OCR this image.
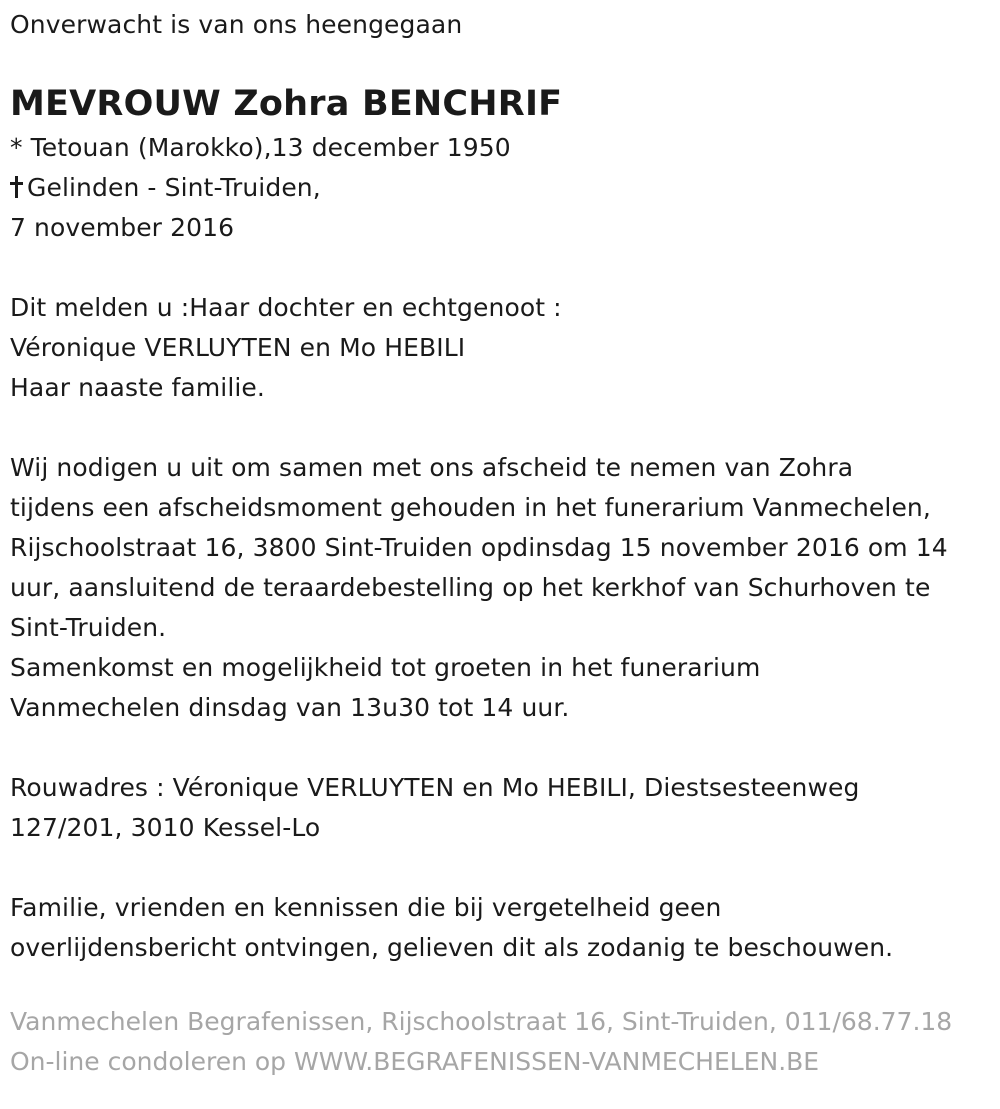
Onverwacht is van ons heengegaan
MEVROUW Zohra BENCHRIF
* Tetouan (Marokko),13 december 1950
Gelinden - Sint-Truiden,
7 november 2016
Dit melden u :Haar dochter en echtgenoot :
Véronique VERLUYTEN en Mo HEBILI
Haar naaste familie.
Wij nodigen u uit om samen met ons afscheid te nemen van Zohra
tijdens een afscheidsmoment gehouden in het funerarium Vanmechelen,
Rijschoolstraat 16, 3800 Sint-Truiden opdinsdag 15 november 2016 om 14
uur, aansluitend de teraardebestelling op het kerkhof van Schurhoven te
Sint-Truiden.
Samenkomst en mogelijkheid tot groeten in het funerarium
Vanmechelen dinsdag van 13u30 tot 14 uur.
Rouwadres : Véronique VERLUYTEN en Mo HEBILI, Diestsesteenweg
127/201, 3010 Kessel-Lo
Familie, vrienden en kennissen die bij vergetelheid geen
overlijdensbericht ontvingen, gelieven dit als zodanig te beschouwen.
Vanmechelen Begrafenissen, Rijschoolstraat 16, Sint-Truiden, 011/68.77.18
On-line condoleren op WWW.BEGRAFENISSEN-VANMECHELEN.BE
